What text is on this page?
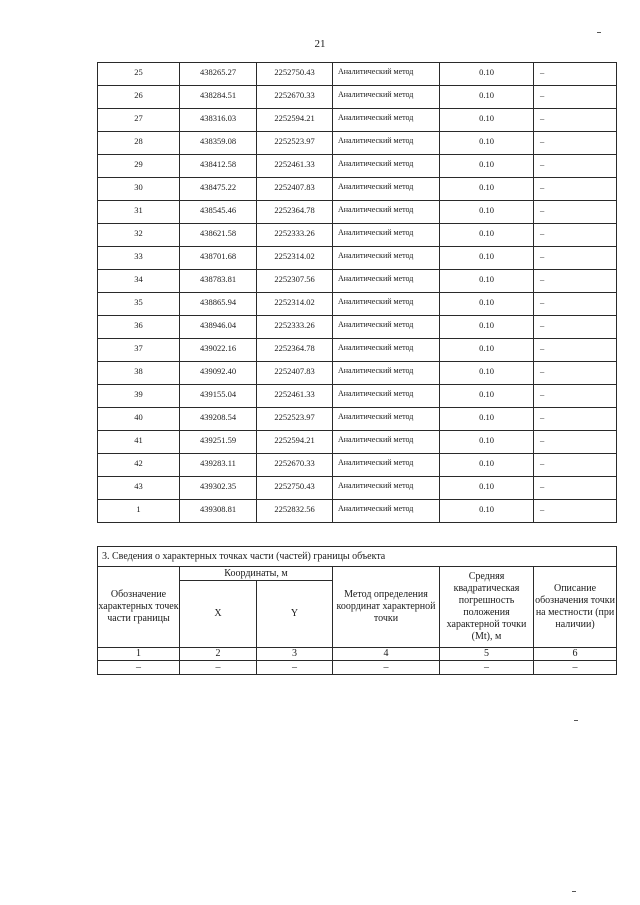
21
25	438265.27	2252750.43	Аналитический метод	0.10	–
26	438284.51	2252670.33	Аналитический метод	0.10	–
27	438316.03	2252594.21	Аналитический метод	0.10	–
28	438359.08	2252523.97	Аналитический метод	0.10	–
29	438412.58	2252461.33	Аналитический метод	0.10	–
30	438475.22	2252407.83	Аналитический метод	0.10	–
31	438545.46	2252364.78	Аналитический метод	0.10	–
32	438621.58	2252333.26	Аналитический метод	0.10	–
33	438701.68	2252314.02	Аналитический метод	0.10	–
34	438783.81	2252307.56	Аналитический метод	0.10	–
35	438865.94	2252314.02	Аналитический метод	0.10	–
36	438946.04	2252333.26	Аналитический метод	0.10	–
37	439022.16	2252364.78	Аналитический метод	0.10	–
38	439092.40	2252407.83	Аналитический метод	0.10	–
39	439155.04	2252461.33	Аналитический метод	0.10	–
40	439208.54	2252523.97	Аналитический метод	0.10	–
41	439251.59	2252594.21	Аналитический метод	0.10	–
42	439283.11	2252670.33	Аналитический метод	0.10	–
43	439302.35	2252750.43	Аналитический метод	0.10	–
1	439308.81	2252832.56	Аналитический метод	0.10	–
3. Сведения о характерных точках части (частей) границы объекта					
Обозначение характерных точек части границы	Координаты, м		Метод определения координат характерной точки	Средняя квадратическая погрешность положения характерной точки (Mt), м	Описание обозначения точки на местности (при наличии)
	X	Y			
1	2	3	4	5	6
–	–	–	–	–	–
